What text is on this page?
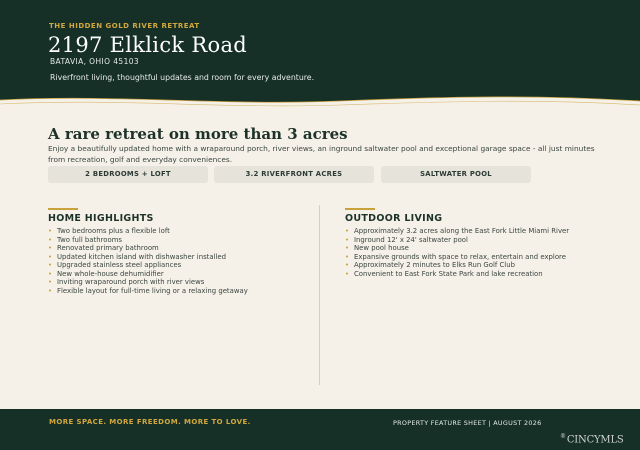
THE HIDDEN GOLD RIVER RETREAT
2197 Elklick Road
BATAVIA, OHIO 45103
Riverfront living, thoughtful updates and room for every adventure.
A rare retreat on more than 3 acres
Enjoy a beautifully updated home with a wraparound porch, river views, an inground saltwater pool and exceptional garage space - all just minutes from recreation, golf and everyday conveniences.
2 BEDROOMS + LOFT	3.2 RIVERFRONT ACRES	SALTWATER POOL
HOME HIGHLIGHTS
• Two bedrooms plus a flexible loft
• Two full bathrooms
• Renovated primary bathroom
• Updated kitchen island with dishwasher installed
• Upgraded stainless steel appliances
• New whole-house dehumidifier
• Inviting wraparound porch with river views
• Flexible layout for full-time living or a relaxing getaway
OUTDOOR LIVING
• Approximately 3.2 acres along the East Fork Little Miami River
• Inground 12' x 24' saltwater pool
• New pool house
• Expansive grounds with space to relax, entertain and explore
• Approximately 2 minutes to Elks Run Golf Club
• Convenient to East Fork State Park and lake recreation
MORE SPACE. MORE FREEDOM. MORE TO LOVE.	PROPERTY FEATURE SHEET | AUGUST 2026
®CINCYMLS
